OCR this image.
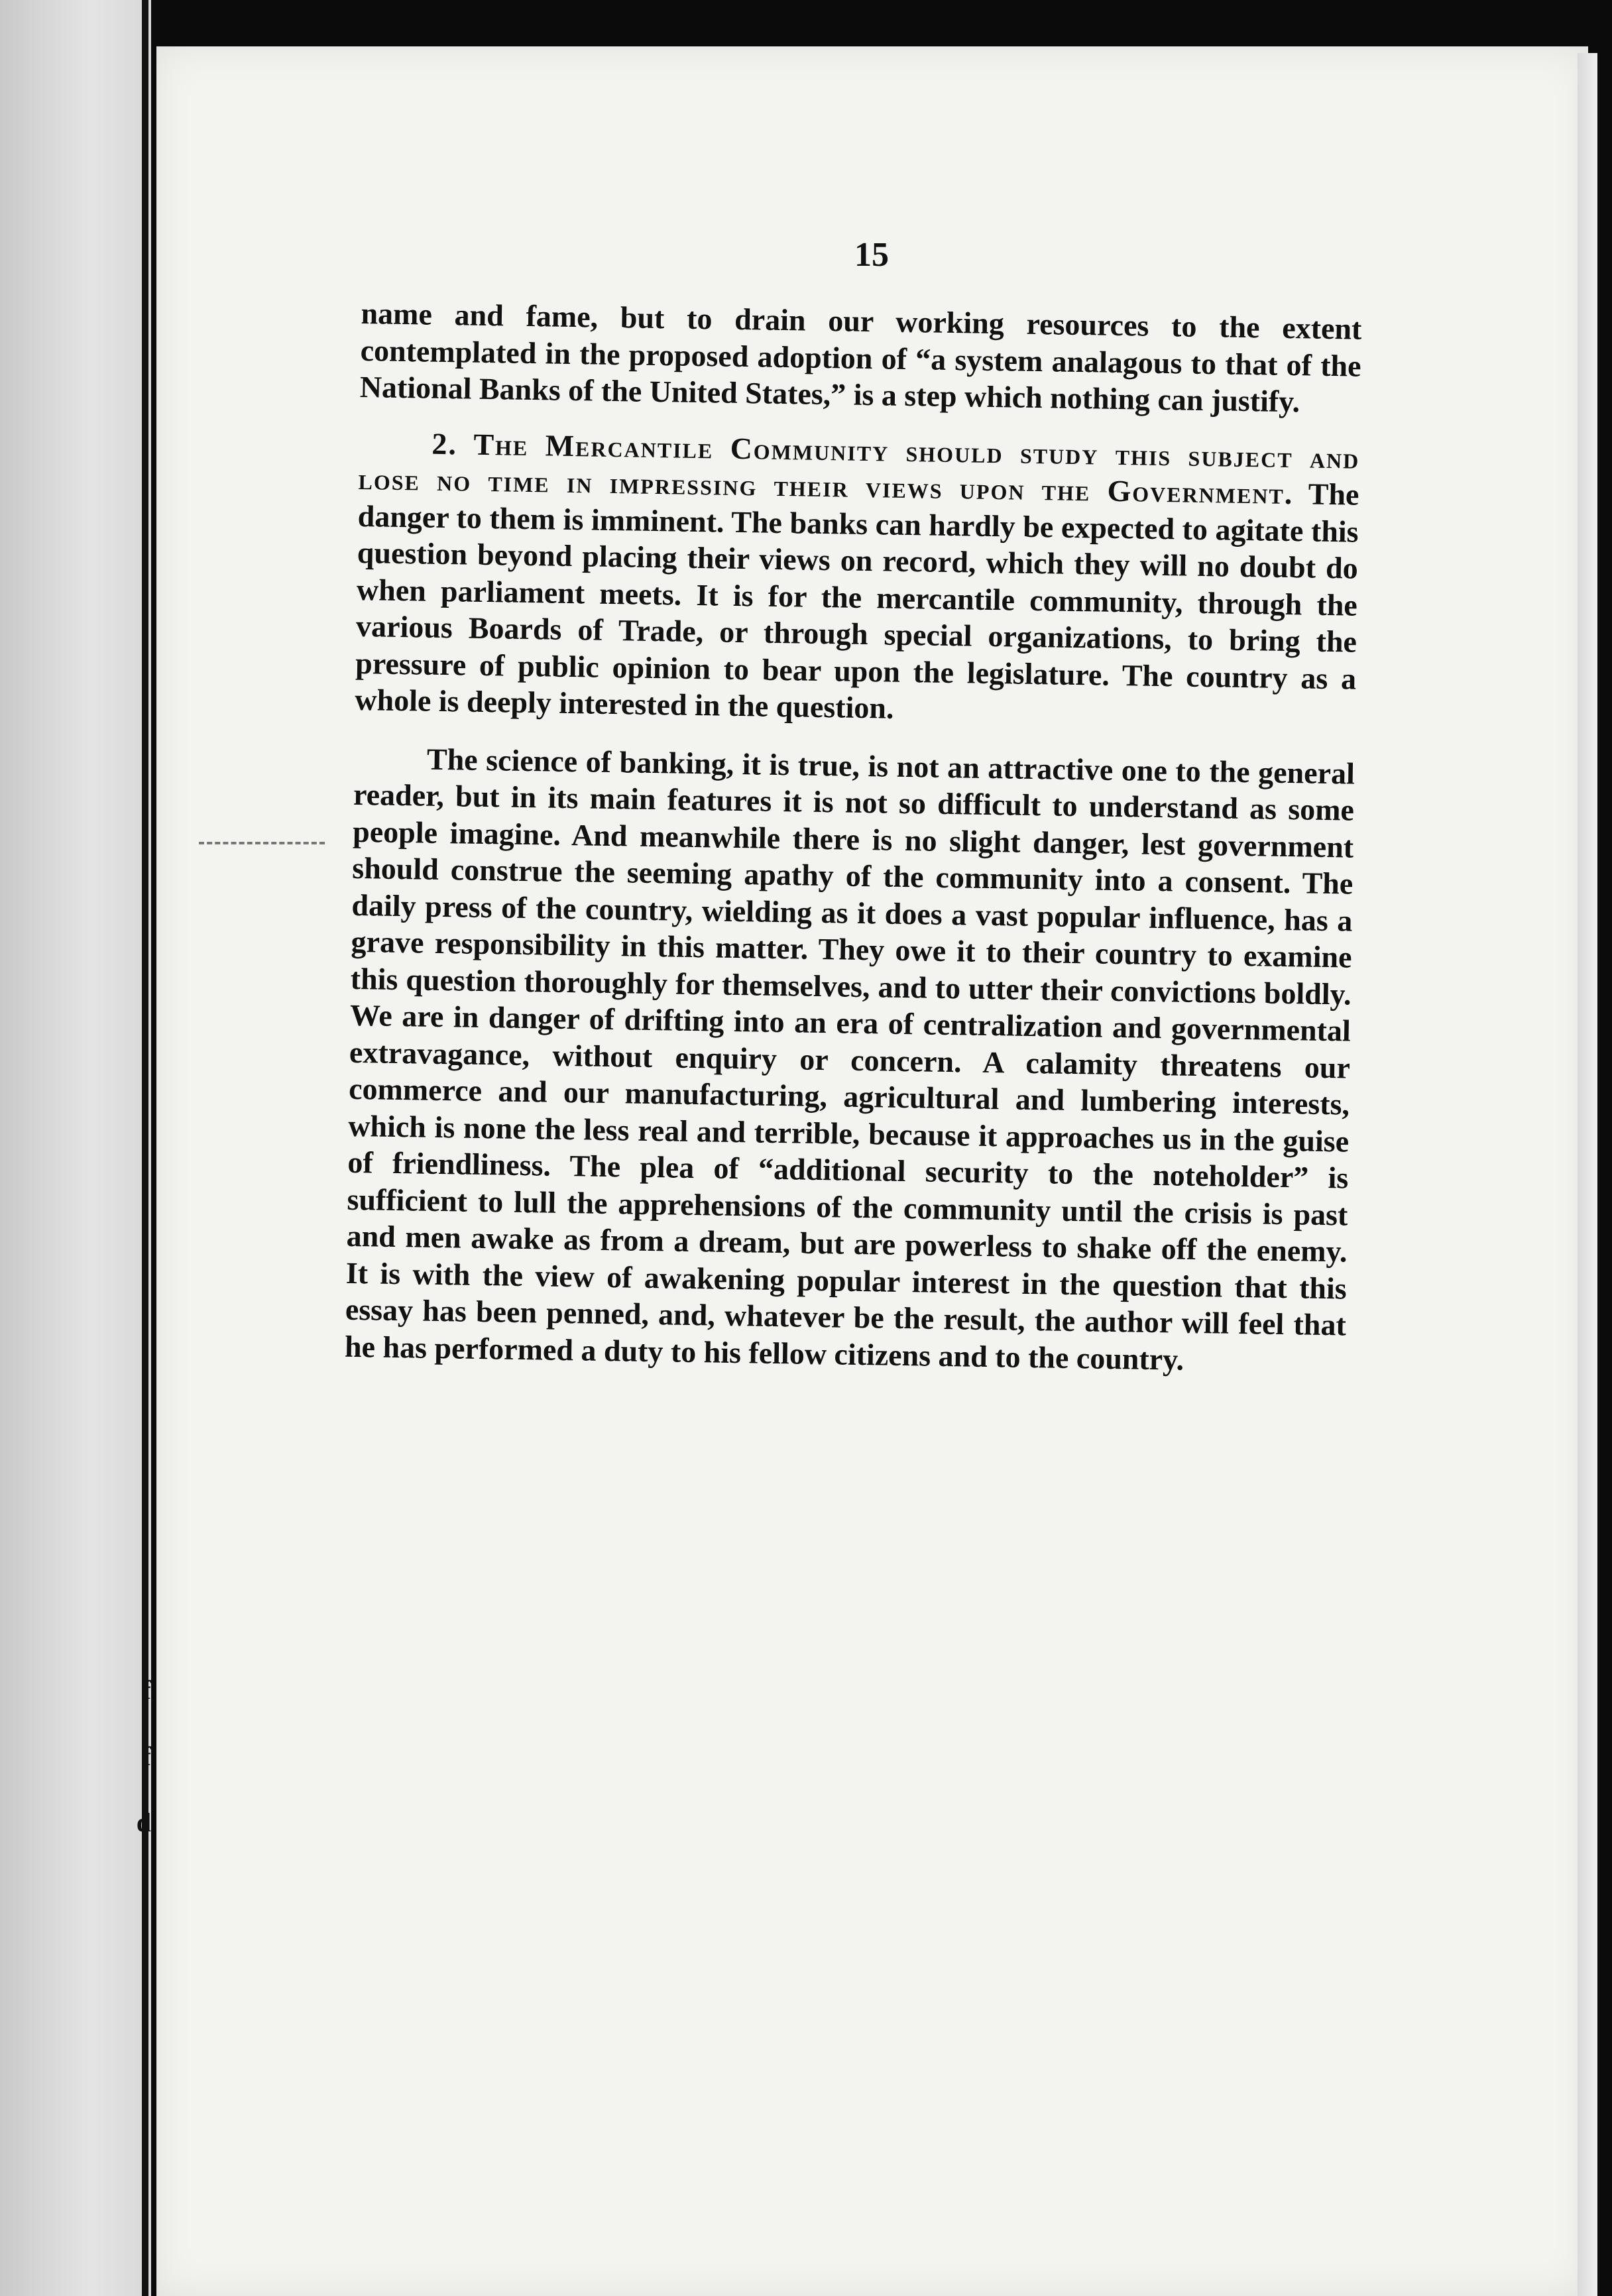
f
f
d
15

name and fame, but to drain our working resources to the extent contemplated in the proposed adoption of “a system analagous to that of the National Banks of the United States,” is a step which nothing can justify.

2. The Mercantile Community should study this subject and lose no time in impressing their views upon the Government. The danger to them is imminent. The banks can hardly be expected to agitate this question beyond placing their views on record, which they will no doubt do when parliament meets. It is for the mercantile community, through the various Boards of Trade, or through special organizations, to bring the pressure of public opinion to bear upon the legislature. The country as a whole is deeply interested in the question.

The science of banking, it is true, is not an attractive one to the general reader, but in its main features it is not so difficult to understand as some people imagine. And meanwhile there is no slight danger, lest government should construe the seeming apathy of the community into a consent. The daily press of the country, wielding as it does a vast popular influence, has a grave responsibility in this matter. They owe it to their country to examine this question thoroughly for themselves, and to utter their convictions boldly. We are in danger of drifting into an era of centralization and governmental extravagance, without enquiry or concern. A calamity threatens our commerce and our manufacturing, agricultural and lumbering interests, which is none the less real and terrible, because it approaches us in the guise of friendliness. The plea of “additional security to the noteholder” is sufficient to lull the apprehensions of the community until the crisis is past and men awake as from a dream, but are powerless to shake off the enemy. It is with the view of awakening popular interest in the question that this essay has been penned, and, whatever be the result, the author will feel that he has performed a duty to his fellow citizens and to the country.
